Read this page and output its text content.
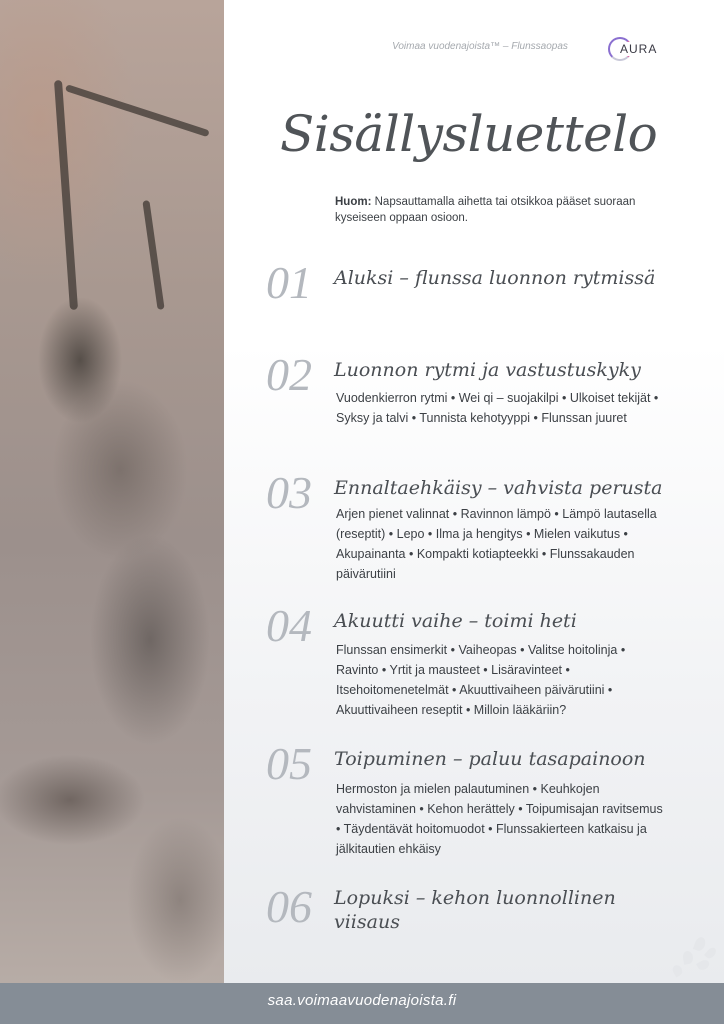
Voimaa vuodenajoista™ – Flunssaopas	AURA
Sisällysluettelo
Huom: Napsauttamalla aihetta tai otsikkoa pääset suoraan kyseiseen oppaan osioon.
01 Aluksi – flunssa luonnon rytmissä
02 Luonnon rytmi ja vastustuskyky
Vuodenkierron rytmi • Wei qi – suojakilpi • Ulkoiset tekijät • Syksy ja talvi • Tunnista kehotyyppi • Flunssan juuret
03 Ennaltaehkäisy – vahvista perusta
Arjen pienet valinnat • Ravinnon lämpö • Lämpö lautasella (reseptit) • Lepo • Ilma ja hengitys • Mielen vaikutus • Akupainanta • Kompakti kotiapteekki • Flunssakauden päivärutiini
04 Akuutti vaihe – toimi heti
Flunssan ensimerkit • Vaiheopas • Valitse hoitolinja • Ravinto • Yrtit ja mausteet • Lisäravinteet • Itsehoitomenetelmät • Akuuttivaiheen päivärutiini • Akuuttivaiheen reseptit • Milloin lääkäriin?
05 Toipuminen – paluu tasapainoon
Hermoston ja mielen palautuminen • Keuhkojen vahvistaminen • Kehon herättely • Toipumisajan ravitsemus • Täydentävät hoitomuodot • Flunssakierteen katkaisu ja jälkitautien ehkäisy
06 Lopuksi – kehon luonnollinen viisaus
saa.voimaavuodenajoista.fi
